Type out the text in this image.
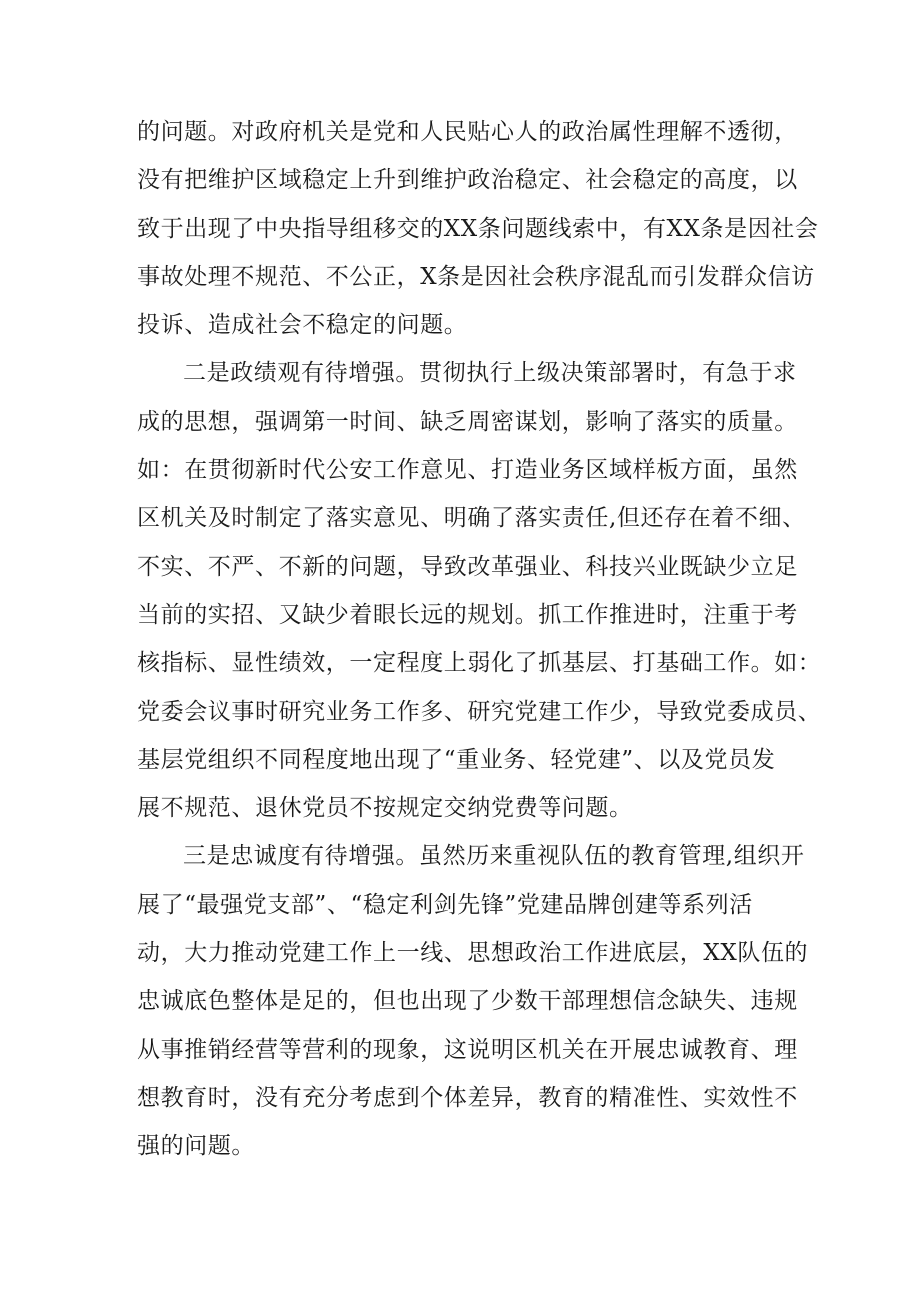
的问题。对政府机关是党和人民贴心人的政治属性理解不透彻，
没有把维护区域稳定上升到维护政治稳定、社会稳定的高度，以
致于出现了中央指导组移交的XX条问题线索中，有XX条是因社会
事故处理不规范、不公正，X条是因社会秩序混乱而引发群众信访
投诉、造成社会不稳定的问题。
二是政绩观有待增强。贯彻执行上级决策部署时，有急于求
成的思想，强调第一时间、缺乏周密谋划，影响了落实的质量。
如：在贯彻新时代公安工作意见、打造业务区域样板方面，虽然
区机关及时制定了落实意见、明确了落实责任,但还存在着不细、
不实、不严、不新的问题，导致改革强业、科技兴业既缺少立足
当前的实招、又缺少着眼长远的规划。抓工作推进时，注重于考
核指标、显性绩效，一定程度上弱化了抓基层、打基础工作。如：
党委会议事时研究业务工作多、研究党建工作少，导致党委成员、
基层党组织不同程度地出现了“重业务、轻党建”、以及党员发
展不规范、退休党员不按规定交纳党费等问题。
三是忠诚度有待增强。虽然历来重视队伍的教育管理,组织开
展了“最强党支部”、“稳定利剑先锋”党建品牌创建等系列活
动，大力推动党建工作上一线、思想政治工作进底层，XX队伍的
忠诚底色整体是足的，但也出现了少数干部理想信念缺失、违规
从事推销经营等营利的现象，这说明区机关在开展忠诚教育、理
想教育时，没有充分考虑到个体差异，教育的精准性、实效性不
强的问题。
